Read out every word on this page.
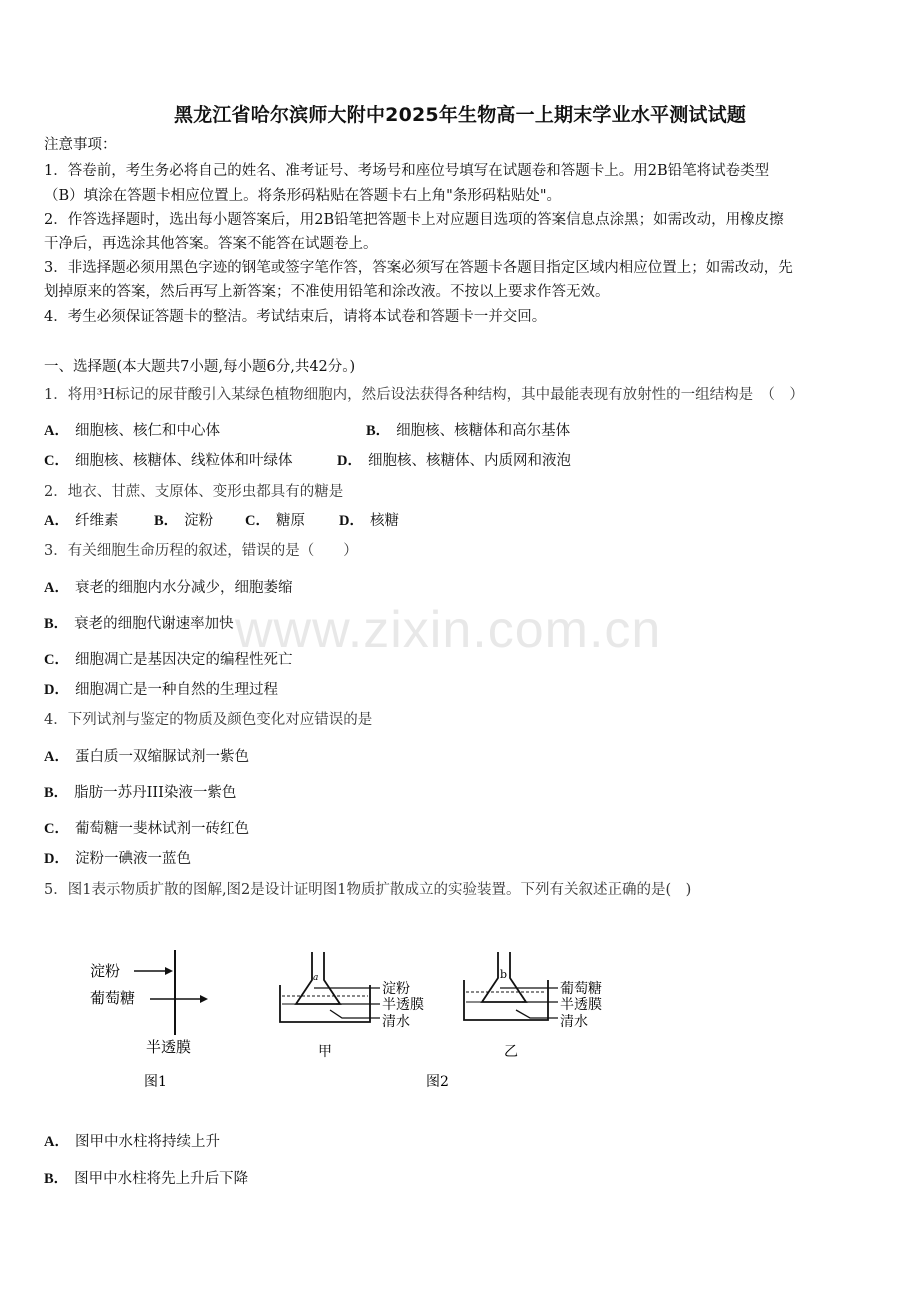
黑龙江省哈尔滨师大附中2025年生物高一上期末学业水平测试试题
注意事项：
1．答卷前，考生务必将自己的姓名、准考证号、考场号和座位号填写在试题卷和答题卡上。用2B铅笔将试卷类型
（B）填涂在答题卡相应位置上。将条形码粘贴在答题卡右上角"条形码粘贴处"。
2．作答选择题时，选出每小题答案后，用2B铅笔把答题卡上对应题目选项的答案信息点涂黑；如需改动，用橡皮擦
干净后，再选涂其他答案。答案不能答在试题卷上。
3．非选择题必须用黑色字迹的钢笔或签字笔作答，答案必须写在答题卡各题目指定区域内相应位置上；如需改动，先
划掉原来的答案，然后再写上新答案；不准使用铅笔和涂改液。不按以上要求作答无效。
4．考生必须保证答题卡的整洁。考试结束后，请将本试卷和答题卡一并交回。
一、选择题(本大题共7小题,每小题6分,共42分。)
1．将用³H标记的尿苷酸引入某绿色植物细胞内，然后设法获得各种结构，其中最能表现有放射性的一组结构是　（　）
A． 细胞核、核仁和中心体	B． 细胞核、核糖体和高尔基体
C． 细胞核、核糖体、线粒体和叶绿体	D． 细胞核、核糖体、内质网和液泡
2．地衣、甘蔗、支原体、变形虫都具有的糖是
A． 纤维素	B． 淀粉	C． 糖原	D． 核糖
3．有关细胞生命历程的叙述，错误的是（　　）
A． 衰老的细胞内水分减少，细胞萎缩
B． 衰老的细胞代谢速率加快
C． 细胞凋亡是基因决定的编程性死亡
D． 细胞凋亡是一种自然的生理过程
4．下列试剂与鉴定的物质及颜色变化对应错误的是
A． 蛋白质一双缩脲试剂一紫色
B． 脂肪一苏丹III染液一紫色
C． 葡萄糖一斐林试剂一砖红色
D． 淀粉一碘液一蓝色
5．图1表示物质扩散的图解,图2是设计证明图1物质扩散成立的实验装置。下列有关叙述正确的是(　)
淀粉
葡萄糖
半透膜
图1
a
淀粉
半透膜
清水
甲
b
葡萄糖
半透膜
清水
乙
图2
A． 图甲中水柱将持续上升
B． 图甲中水柱将先上升后下降
www.zixin.com.cn
